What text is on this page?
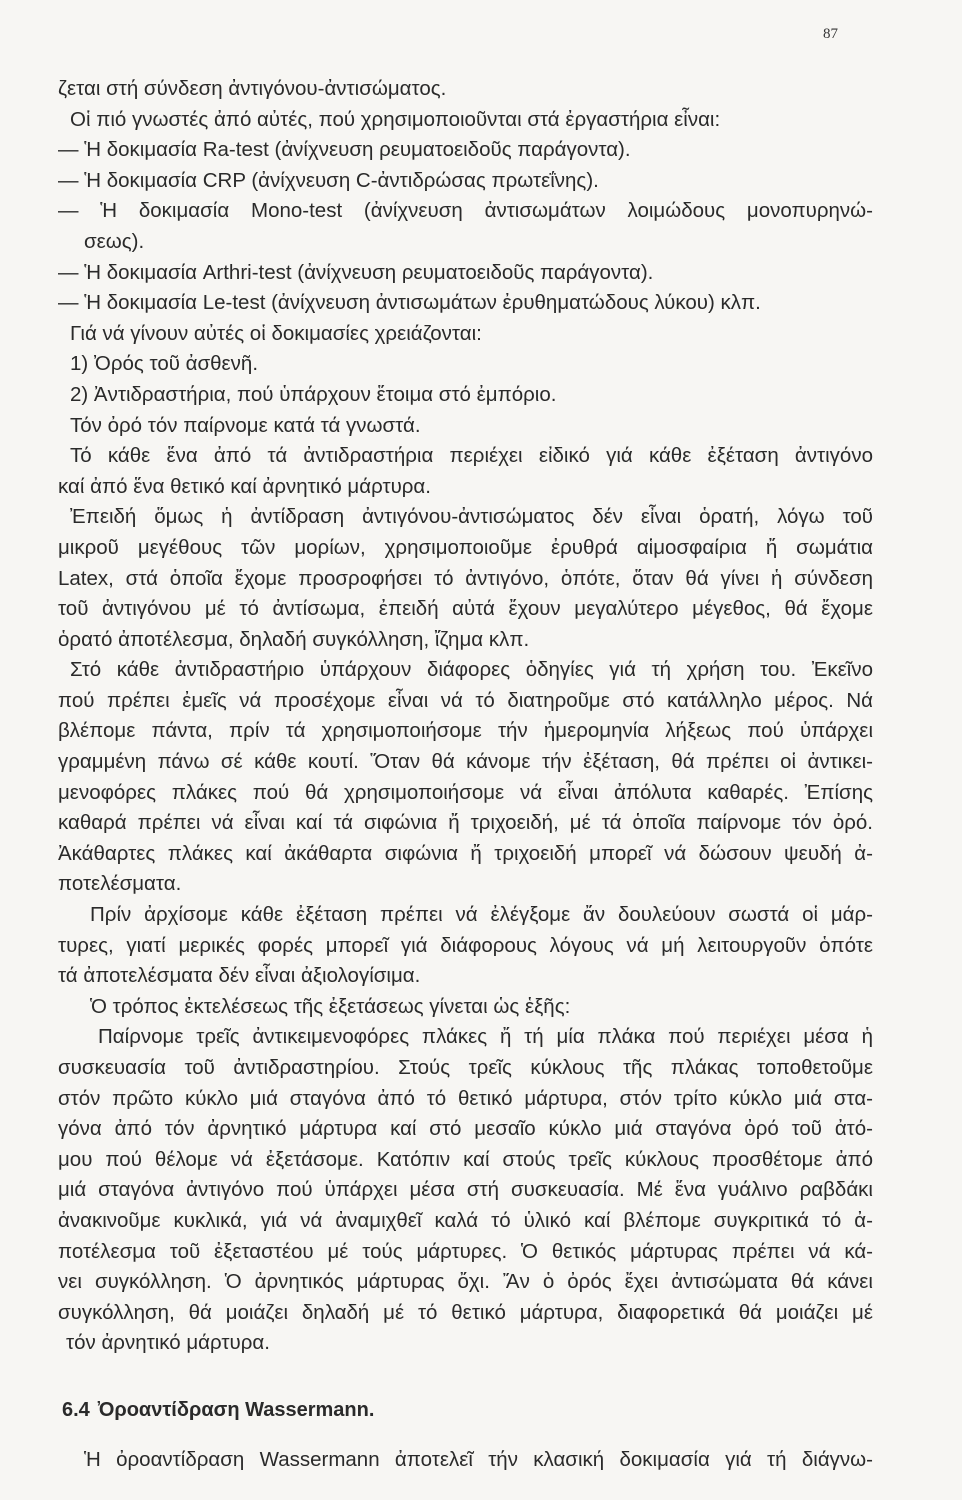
87
ζεται στή σύνδεση ἀντιγόνου-ἀντισώματος.
Οἱ πιό γνωστές ἀπό αὐτές, πού χρησιμοποιοῦνται στά ἐργαστήρια εἶναι:
— Ἡ δοκιμασία Ra-test (ἀνίχνευση ρευματοειδοῦς παράγοντα).
— Ἡ δοκιμασία CRP (ἀνίχνευση C-ἀντιδρώσας πρωτεΐνης).
— Ἡ δοκιμασία Mono-test (ἀνίχνευση ἀντισωμάτων λοιμώδους μονοπυρηνώ-
σεως).
— Ἡ δοκιμασία Arthri-test (ἀνίχνευση ρευματοειδοῦς παράγοντα).
— Ἡ δοκιμασία Le-test (ἀνίχνευση ἀντισωμάτων ἐρυθηματώδους λύκου) κλπ.
Γιά νά γίνουν αὐτές οἱ δοκιμασίες χρειάζονται:
1) Ὀρός τοῦ ἀσθενῆ.
2) Ἀντιδραστήρια, πού ὑπάρχουν ἕτοιμα στό ἐμπόριο.
Τόν ὀρό τόν παίρνομε κατά τά γνωστά.
Τό κάθε ἕνα ἀπό τά ἀντιδραστήρια περιέχει εἰδικό γιά κάθε ἐξέταση ἀντιγόνο
καί ἀπό ἕνα θετικό καί ἀρνητικό μάρτυρα.
Ἐπειδή ὅμως ἡ ἀντίδραση ἀντιγόνου-ἀντισώματος δέν εἶναι ὁρατή, λόγω τοῦ
μικροῦ μεγέθους τῶν μορίων, χρησιμοποιοῦμε ἐρυθρά αἱμοσφαίρια ἤ σωμάτια
Latex, στά ὁποῖα ἔχομε προσροφήσει τό ἀντιγόνο, ὁπότε, ὅταν θά γίνει ἡ σύνδεση
τοῦ ἀντιγόνου μέ τό ἀντίσωμα, ἐπειδή αὐτά ἔχουν μεγαλύτερο μέγεθος, θά ἔχομε
ὁρατό ἀποτέλεσμα, δηλαδή συγκόλληση, ἴζημα κλπ.
Στό κάθε ἀντιδραστήριο ὑπάρχουν διάφορες ὁδηγίες γιά τή χρήση του. Ἐκεῖνο
πού πρέπει ἐμεῖς νά προσέχομε εἶναι νά τό διατηροῦμε στό κατάλληλο μέρος. Νά
βλέπομε πάντα, πρίν τά χρησιμοποιήσομε τήν ἡμερομηνία λήξεως πού ὑπάρχει
γραμμένη πάνω σέ κάθε κουτί. Ὅταν θά κάνομε τήν ἐξέταση, θά πρέπει οἱ ἀντικει-
μενοφόρες πλάκες πού θά χρησιμοποιήσομε νά εἶναι ἀπόλυτα καθαρές. Ἐπίσης
καθαρά πρέπει νά εἶναι καί τά σιφώνια ἤ τριχοειδή, μέ τά ὁποῖα παίρνομε τόν ὀρό.
Ἀκάθαρτες πλάκες καί ἀκάθαρτα σιφώνια ἤ τριχοειδή μπορεῖ νά δώσουν ψευδή ἀ-
ποτελέσματα.
Πρίν ἀρχίσομε κάθε ἐξέταση πρέπει νά ἐλέγξομε ἄν δουλεύουν σωστά οἱ μάρ-
τυρες, γιατί μερικές φορές μπορεῖ γιά διάφορους λόγους νά μή λειτουργοῦν ὁπότε
τά ἀποτελέσματα δέν εἶναι ἀξιολογίσιμα.
Ὁ τρόπος ἐκτελέσεως τῆς ἐξετάσεως γίνεται ὡς ἑξῆς:
Παίρνομε τρεῖς ἀντικειμενοφόρες πλάκες ἤ τή μία πλάκα πού περιέχει μέσα ἡ
συσκευασία τοῦ ἀντιδραστηρίου. Στούς τρεῖς κύκλους τῆς πλάκας τοποθετοῦμε
στόν πρῶτο κύκλο μιά σταγόνα ἀπό τό θετικό μάρτυρα, στόν τρίτο κύκλο μιά στα-
γόνα ἀπό τόν ἀρνητικό μάρτυρα καί στό μεσαῖο κύκλο μιά σταγόνα ὀρό τοῦ ἀτό-
μου πού θέλομε νά ἐξετάσομε. Κατόπιν καί στούς τρεῖς κύκλους προσθέτομε ἀπό
μιά σταγόνα ἀντιγόνο πού ὑπάρχει μέσα στή συσκευασία. Μέ ἕνα γυάλινο ραβδάκι
ἀνακινοῦμε κυκλικά, γιά νά ἀναμιχθεῖ καλά τό ὑλικό καί βλέπομε συγκριτικά τό ἀ-
ποτέλεσμα τοῦ ἐξεταστέου μέ τούς μάρτυρες. Ὁ θετικός μάρτυρας πρέπει νά κά-
νει συγκόλληση. Ὁ ἀρνητικός μάρτυρας ὄχι. Ἄν ὁ ὀρός ἔχει ἀντισώματα θά κάνει
συγκόλληση, θά μοιάζει δηλαδή μέ τό θετικό μάρτυρα, διαφορετικά θά μοιάζει μέ
τόν ἀρνητικό μάρτυρα.
6.4 Ὀροαντίδραση Wassermann.
Ἡ ὀροαντίδραση Wassermann ἀποτελεῖ τήν κλασική δοκιμασία γιά τή διάγνω-
